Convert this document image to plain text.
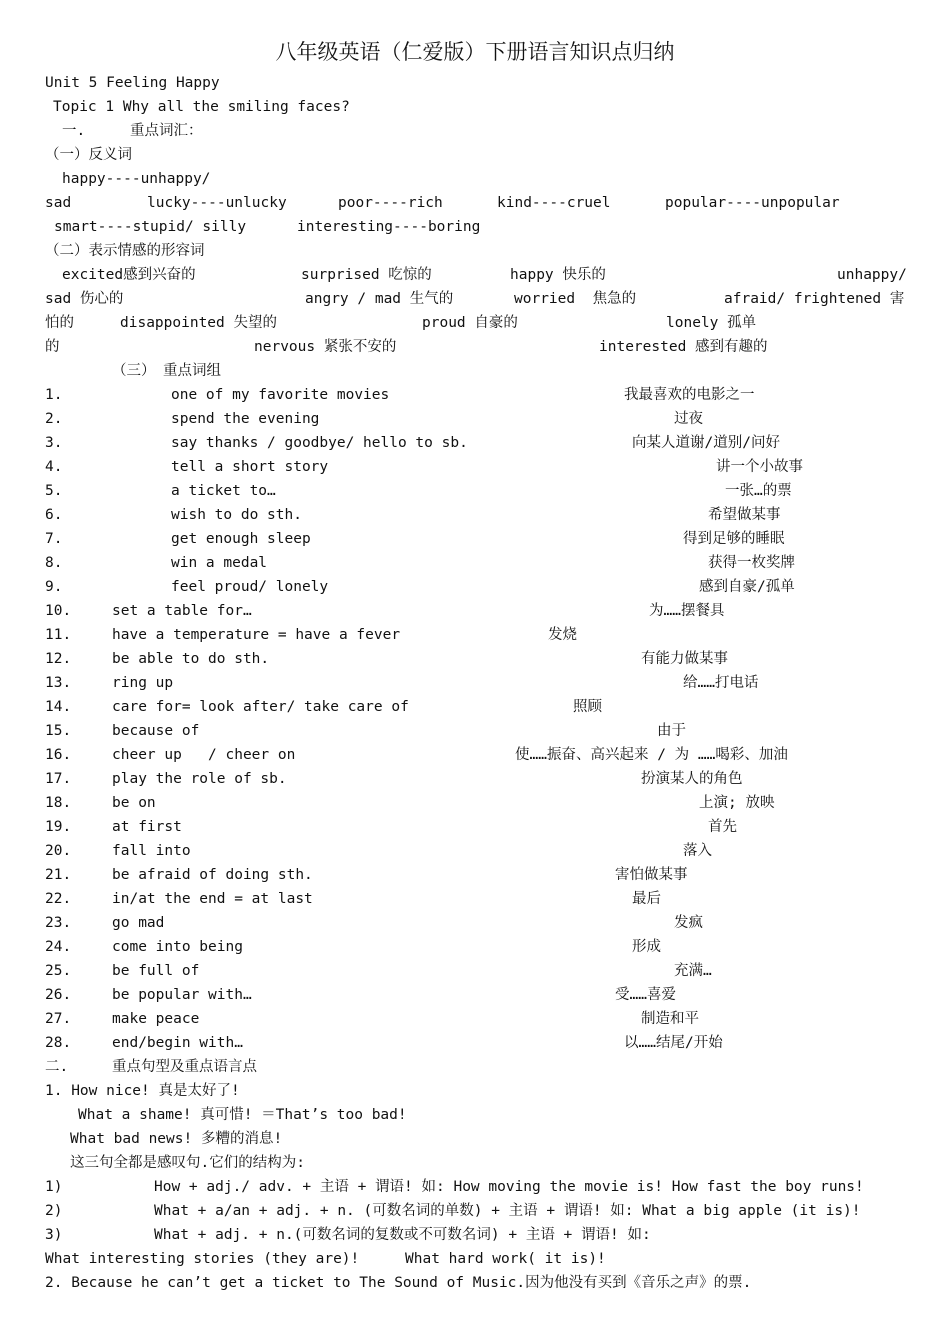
八年级英语（仁爱版）下册语言知识点归纳
Unit 5 Feeling Happy
Topic 1 Why all the smiling faces?
一.	重点词汇：
（一）反义词
happy----unhappy/
sad	lucky----unlucky	poor----rich	kind----cruel	popular----unpopular
smart----stupid/ silly	interesting----boring
（二）表示情感的形容词
excited感到兴奋的	surprised 吃惊的	happy 快乐的	unhappy/
sad 伤心的	angry / mad 生气的	worried  焦急的	afraid/ frightened 害
怕的	disappointed 失望的	proud 自豪的	lonely 孤单
的	nervous 紧张不安的	interested 感到有趣的
（三） 重点词组
1.	one of my favorite movies	我最喜欢的电影之一
2.	spend the evening	过夜
3.	say thanks / goodbye/ hello to sb.	向某人道谢/道别/问好
4.	tell a short story	讲一个小故事
5.	a ticket to…	一张…的票
6.	wish to do sth.	希望做某事
7.	get enough sleep	得到足够的睡眠
8.	win a medal	获得一枚奖牌
9.	feel proud/ lonely	感到自豪/孤单
10.	set a table for…	为……摆餐具
11.	have a temperature = have a fever	发烧
12.	be able to do sth.	有能力做某事
13.	ring up	给……打电话
14.	care for= look after/ take care of	照顾
15.	because of	由于
16.	cheer up   / cheer on	使……振奋、高兴起来 / 为 ……喝彩、加油
17.	play the role of sb.	扮演某人的角色
18.	be on	上演; 放映
19.	at first	首先
20.	fall into	落入
21.	be afraid of doing sth.	害怕做某事
22.	in/at the end = at last	最后
23.	go mad	发疯
24.	come into being	形成
25.	be full of	充满…
26.	be popular with…	受……喜爱
27.	make peace	制造和平
28.	end/begin with…	以……结尾/开始
二.	重点句型及重点语言点
1. How nice! 真是太好了!
What a shame! 真可惜! ＝That’s too bad!
What bad news! 多糟的消息!
这三句全都是感叹句.它们的结构为:
1)	How + adj./ adv. + 主语 + 谓语! 如: How moving the movie is! How fast the boy runs!
2)	What + a/an + adj. + n. (可数名词的单数) + 主语 + 谓语! 如: What a big apple (it is)!
3)	What + adj. + n.(可数名词的复数或不可数名词) + 主语 + 谓语! 如:
What interesting stories (they are)!	What hard work( it is)!
2. Because he can’t get a ticket to The Sound of Music.因为他没有买到《音乐之声》的票.
